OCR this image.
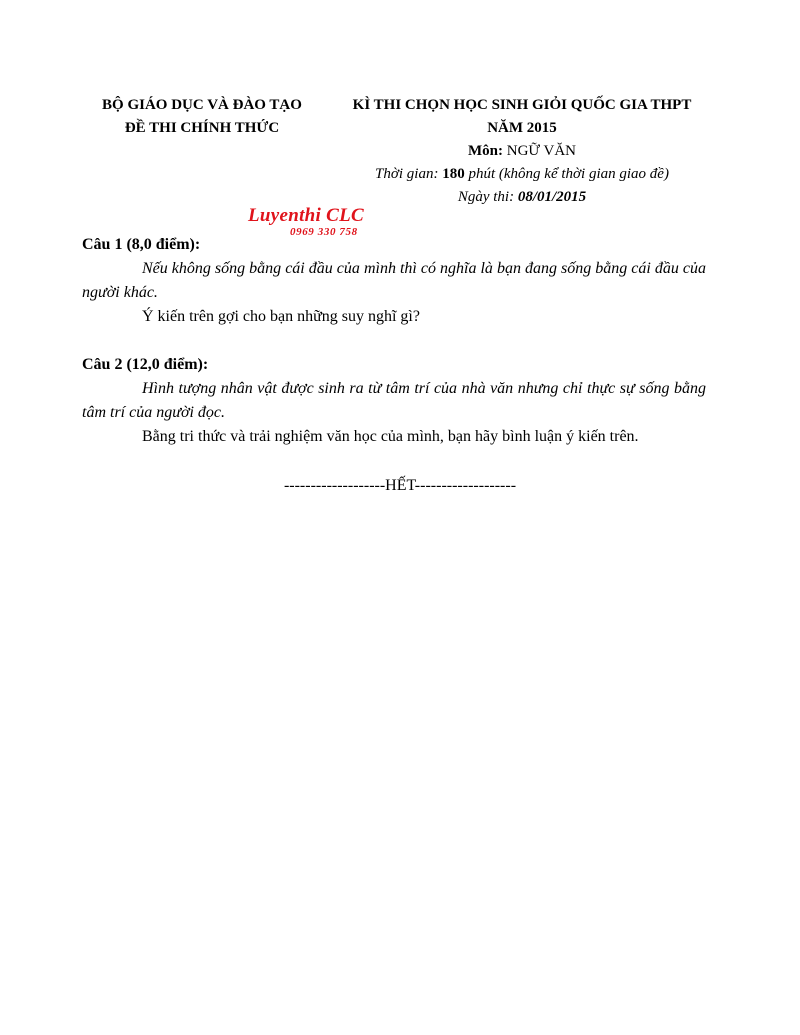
BỘ GIÁO DỤC VÀ ĐÀO TẠO
ĐỀ THI CHÍNH THỨC
KÌ THI CHỌN HỌC SINH GIỎI QUỐC GIA THPT
NĂM 2015
Môn: NGỮ VĂN
Thời gian: 180 phút (không kể thời gian giao đề)
Ngày thi: 08/01/2015
Luyenthi CLC
0969 330 758
Câu 1 (8,0 điểm):
Nếu không sống bằng cái đầu của mình thì có nghĩa là bạn đang sống bằng cái đầu của người khác.
Ý kiến trên gợi cho bạn những suy nghĩ gì?
Câu 2 (12,0 điểm):
Hình tượng nhân vật được sinh ra từ tâm trí của nhà văn nhưng chỉ thực sự sống bằng tâm trí của người đọc.
Bằng tri thức và trải nghiệm văn học của mình, bạn hãy bình luận ý kiến trên.
-------------------HẾT-------------------
